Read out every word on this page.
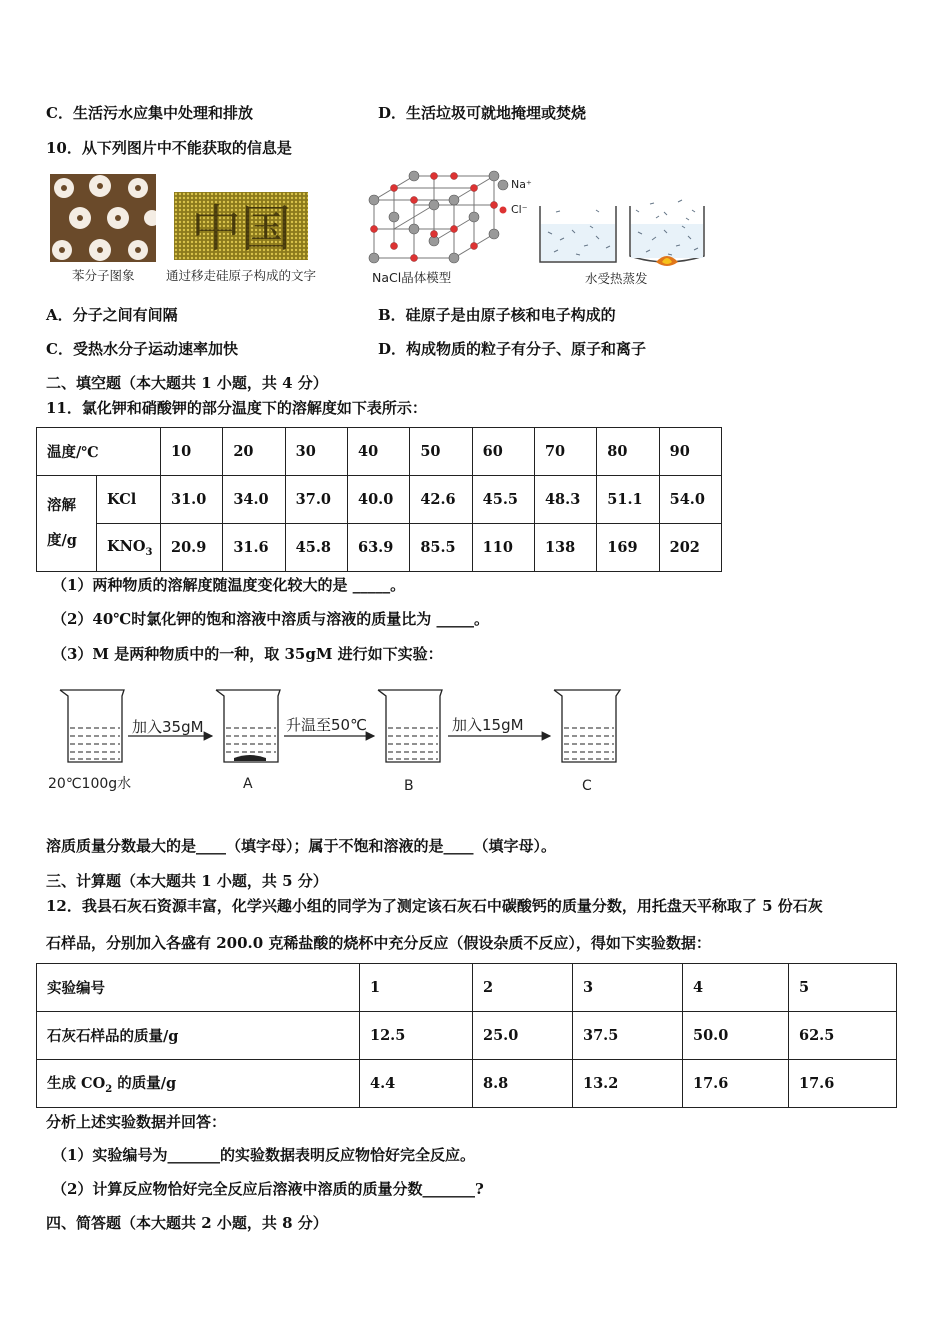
C．生活污水应集中处理和排放	D．生活垃圾可就地掩埋或焚烧
10．从下列图片中不能获取的信息是
苯分子图象
中国
通过移走硅原子构成的文字
Na⁺
Cl⁻
NaCl晶体模型	水受热蒸发
A．分子之间有间隔	B．硅原子是由原子核和电子构成的
C．受热水分子运动速率加快	D．构成物质的粒子有分子、原子和离子
二、填空题（本大题共 1 小题，共 4 分）
11．氯化钾和硝酸钾的部分温度下的溶解度如下表所示：
温度/℃		10	20	30	40	50	60	70	80	90
溶解
度/g	KCl	31.0	34.0	37.0	40.0	42.6	45.5	48.3	51.1	54.0
	$KNO_3$	20.9	31.6	45.8	63.9	85.5	110	138	169	202
（1）两种物质的溶解度随温度变化较大的是 _____。
（2）40℃时氯化钾的饱和溶液中溶质与溶液的质量比为 _____。
（3）M 是两种物质中的一种，取 35gM 进行如下实验：
加入35gM	升温至50℃	加入15gM
20℃100g水	A	B	C
溶质质量分数最大的是____（填字母）；属于不饱和溶液的是____（填字母）。
三、计算题（本大题共 1 小题，共 5 分）
12．我县石灰石资源丰富，化学兴趣小组的同学为了测定该石灰石中碳酸钙的质量分数，用托盘天平称取了 5 份石灰
石样品，分别加入各盛有 200.0 克稀盐酸的烧杯中充分反应（假设杂质不反应），得如下实验数据：
实验编号	1	2	3	4	5
石灰石样品的质量/g	12.5	25.0	37.5	50.0	62.5
生成 $CO_2$ 的质量/g	4.4	8.8	13.2	17.6	17.6
分析上述实验数据并回答：
（1）实验编号为_______的实验数据表明反应物恰好完全反应。
（2）计算反应物恰好完全反应后溶液中溶质的质量分数_______?
四、简答题（本大题共 2 小题，共 8 分）
